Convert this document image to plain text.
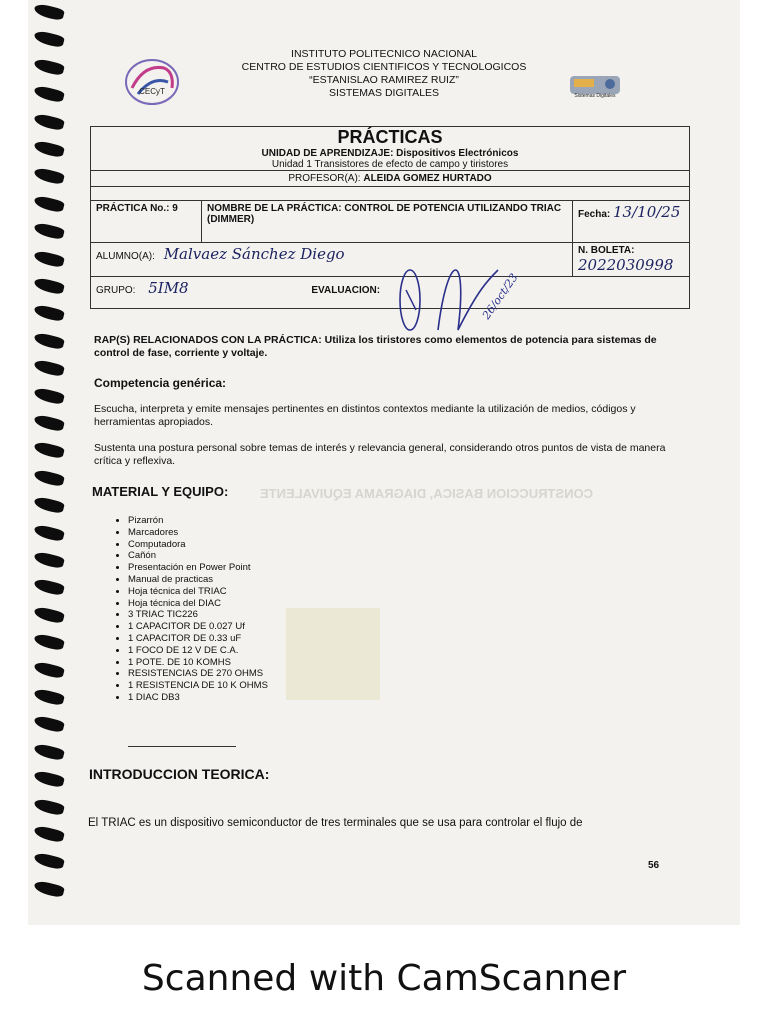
INSTITUTO POLITECNICO NACIONAL
CENTRO DE ESTUDIOS CIENTIFICOS Y TECNOLOGICOS
“ESTANISLAO RAMIREZ RUIZ”
SISTEMAS DIGITALES
CECyT	Sistemas Digitales
PRÁCTICAS
UNIDAD DE APRENDIZAJE: Dispositivos Electrónicos
Unidad 1 Transistores de efecto de campo y tiristores		

PROFESOR(A): ALEIDA GOMEZ HURTADO		

PRÁCTICA No.: 9	NOMBRE DE LA PRÁCTICA: CONTROL DE POTENCIA UTILIZANDO TRIAC (DIMMER)	Fecha: 13/10/25
ALUMNO(A): Malvaez Sánchez Diego		N. BOLETA: 2022030998
GRUPO: 5IM8 EVALUACION:			26/oct/23
RAP(S) RELACIONADOS CON LA PRÁCTICA: Utiliza los tiristores como elementos de potencia para sistemas de control de fase, corriente y voltaje.
Competencia genérica:
Escucha, interpreta y emite mensajes pertinentes en distintos contextos mediante la utilización de medios, códigos y herramientas apropiados.
Sustenta una postura personal sobre temas de interés y relevancia general, considerando otros puntos de vista de manera crítica y reflexiva.
MATERIAL Y EQUIPO: CONSTRUCCION BASICA, DIAGRAMA EQUIVALENTE
• Pizarrón
• Marcadores
• Computadora
• Cañón
• Presentación en Power Point
• Manual de practicas
• Hoja técnica del TRIAC
• Hoja técnica del DIAC
• 3 TRIAC TIC226
• 1 CAPACITOR DE 0.027 Uf
• 1 CAPACITOR DE 0.33 uF
• 1 FOCO DE 12 V DE C.A.
• 1 POTE. DE 10 KOMHS
• RESISTENCIAS DE 270 OHMS
• 1 RESISTENCIA DE 10 K OHMS
• 1 DIAC DB3
INTRODUCCION TEORICA:
El TRIAC es un dispositivo semiconductor de tres terminales que se usa para controlar el flujo de
56
Scanned with CamScanner
